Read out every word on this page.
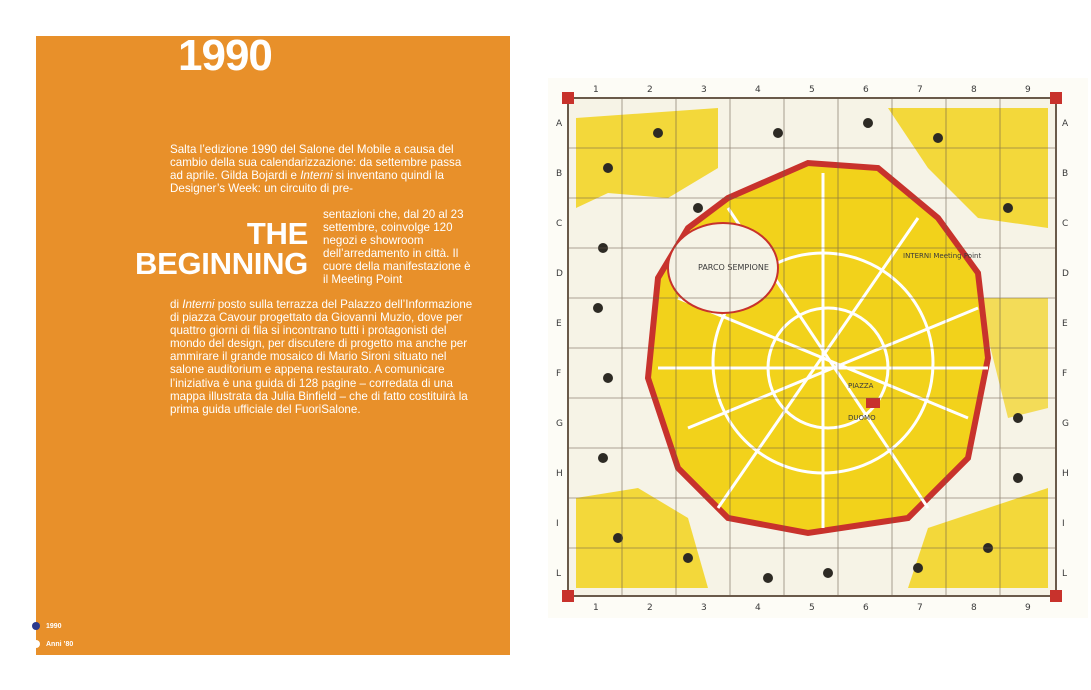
1990

Salta l’edizione 1990 del Salone del Mobile a causa del cambio della sua calendarizzazione: da settembre passa ad aprile. Gilda Bojardi e Interni si inventano quindi la Designer’s Week: un circuito di pre-

THE
BEGINNING

sentazioni che, dal 20 al 23 settembre, coinvolge 120 negozi e showroom dell’arredamento in città. Il cuore della manifestazione è il Meeting Point

di Interni posto sulla terrazza del Palazzo dell’Informazione di piazza Cavour progettato da Giovanni Muzio, dove per quattro giorni di fila si incontrano tutti i protagonisti del mondo del design, per discutere di progetto ma anche per ammirare il grande mosaico di Mario Sironi situato nel salone auditorium e appena restaurato. A comunicare l’iniziativa è una guida di 128 pagine – corredata di una mappa illustrata da Julia Binfield – che di fatto costituirà la prima guida ufficiale del FuoriSalone.

1990
Anni ’80
PARCO SEMPIONE
INTERNI Meeting Point
PIAZZA
DUOMO
1
1
2
2
3
3
4
4
5
5
6
6
7
7
8
8
9
9
A	A
B	B
C	C
D	D
E	E
F	F
G	G
H	H
I	I
L	L
